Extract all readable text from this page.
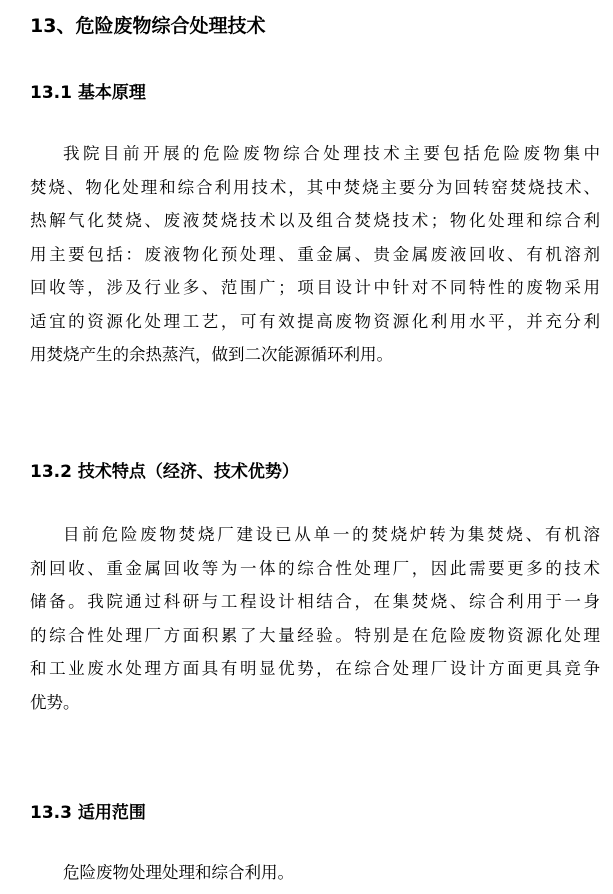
13、危险废物综合处理技术
13.1 基本原理
我院目前开展的危险废物综合处理技术主要包括危险废物集中
焚烧、物化处理和综合利用技术，其中焚烧主要分为回转窑焚烧技术、
热解气化焚烧、废液焚烧技术以及组合焚烧技术；物化处理和综合利
用主要包括：废液物化预处理、重金属、贵金属废液回收、有机溶剂
回收等，涉及行业多、范围广；项目设计中针对不同特性的废物采用
适宜的资源化处理工艺，可有效提高废物资源化利用水平，并充分利
用焚烧产生的余热蒸汽，做到二次能源循环利用。
13.2 技术特点（经济、技术优势）
目前危险废物焚烧厂建设已从单一的焚烧炉转为集焚烧、有机溶
剂回收、重金属回收等为一体的综合性处理厂，因此需要更多的技术
储备。我院通过科研与工程设计相结合，在集焚烧、综合利用于一身
的综合性处理厂方面积累了大量经验。特别是在危险废物资源化处理
和工业废水处理方面具有明显优势，在综合处理厂设计方面更具竞争
优势。
13.3 适用范围
危险废物处理处理和综合利用。
